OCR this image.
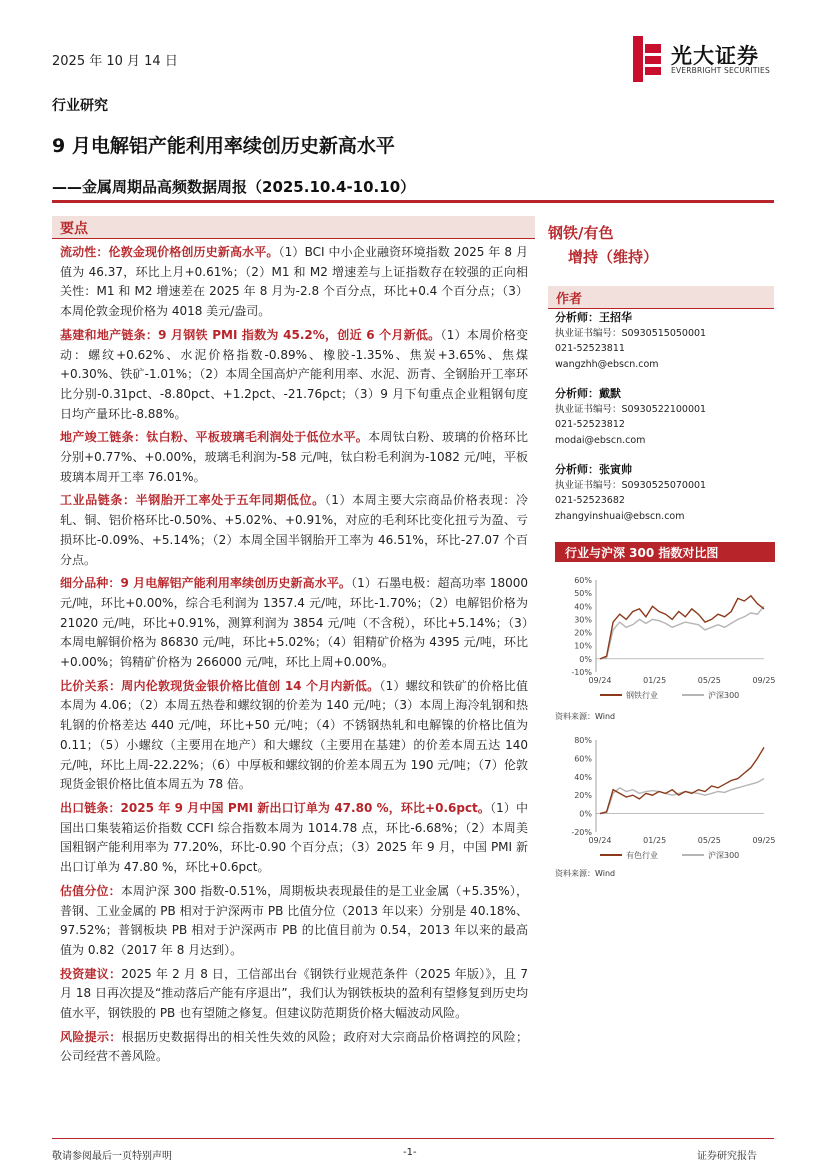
2025 年 10 月 14 日
行业研究
光大证券
EVERBRIGHT SECURITIES
9 月电解铝产能利用率续创历史新高水平
——金属周期品高频数据周报（2025.10.4-10.10）
要点

流动性：伦敦金现价格创历史新高水平。（1）BCI 中小企业融资环境指数 2025 年 8 月值为 46.37，环比上月+0.61%；（2）M1 和 M2 增速差与上证指数存在较强的正向相关性：M1 和 M2 增速差在 2025 年 8 月为-2.8 个百分点，环比+0.4 个百分点；（3）本周伦敦金现价格为 4018 美元/盎司。

基建和地产链条：9 月钢铁 PMI 指数为 45.2%，创近 6 个月新低。（1）本周价格变动：螺纹+0.62%、水泥价格指数-0.89%、橡胶-1.35%、焦炭+3.65%、焦煤+0.30%、铁矿-1.01%；（2）本周全国高炉产能利用率、水泥、沥青、全钢胎开工率环比分别-0.31pct、-8.80pct、+1.2pct、-21.76pct；（3）9 月下旬重点企业粗钢旬度日均产量环比-8.88%。

地产竣工链条：钛白粉、平板玻璃毛利润处于低位水平。本周钛白粉、玻璃的价格环比分别+0.77%、+0.00%，玻璃毛利润为-58 元/吨，钛白粉毛利润为-1082 元/吨，平板玻璃本周开工率 76.01%。

工业品链条：半钢胎开工率处于五年同期低位。（1）本周主要大宗商品价格表现：冷轧、铜、铝价格环比-0.50%、+5.02%、+0.91%，对应的毛利环比变化扭亏为盈、亏损环比-0.09%、+5.14%；（2）本周全国半钢胎开工率为 46.51%，环比-27.07 个百分点。

细分品种：9 月电解铝产能利用率续创历史新高水平。（1）石墨电极：超高功率 18000 元/吨，环比+0.00%，综合毛利润为 1357.4 元/吨，环比-1.70%；（2）电解铝价格为 21020 元/吨，环比+0.91%，测算利润为 3854 元/吨（不含税），环比+5.14%；（3）本周电解铜价格为 86830 元/吨，环比+5.02%；（4）钼精矿价格为 4395 元/吨，环比+0.00%；钨精矿价格为 266000 元/吨，环比上周+0.00%。

比价关系：周内伦敦现货金银价格比值创 14 个月内新低。（1）螺纹和铁矿的价格比值本周为 4.06；（2）本周五热卷和螺纹钢的价差为 140 元/吨；（3）本周上海冷轧钢和热轧钢的价格差达 440 元/吨，环比+50 元/吨；（4）不锈钢热轧和电解镍的价格比值为 0.11；（5）小螺纹（主要用在地产）和大螺纹（主要用在基建）的价差本周五达 140 元/吨，环比上周-22.22%；（6）中厚板和螺纹钢的价差本周五为 190 元/吨；（7）伦敦现货金银价格比值本周五为 78 倍。

出口链条：2025 年 9 月中国 PMI 新出口订单为 47.80 %，环比+0.6pct。（1）中国出口集装箱运价指数 CCFI 综合指数本周为 1014.78 点，环比-6.68%；（2）本周美国粗钢产能利用率为 77.20%，环比-0.90 个百分点；（3）2025 年 9 月，中国 PMI 新出口订单为 47.80 %，环比+0.6pct。

估值分位：本周沪深 300 指数-0.51%，周期板块表现最佳的是工业金属（+5.35%），普钢、工业金属的 PB 相对于沪深两市 PB 比值分位（2013 年以来）分别是 40.18%、97.52%；普钢板块 PB 相对于沪深两市 PB 的比值目前为 0.54，2013 年以来的最高值为 0.82（2017 年 8 月达到）。

投资建议：2025 年 2 月 8 日，工信部出台《钢铁行业规范条件（2025 年版）》，且 7 月 18 日再次提及“推动落后产能有序退出”，我们认为钢铁板块的盈利有望修复到历史均值水平，钢铁股的 PB 也有望随之修复。但建议防范期货价格大幅波动风险。

风险提示：根据历史数据得出的相关性失效的风险；政府对大宗商品价格调控的风险；公司经营不善风险。

钢铁/有色
增持（维持）
作者
分析师：王招华
执业证书编号：S0930515050001
021-52523811
wangzhh@ebscn.com
分析师：戴默
执业证书编号：S0930522100001
021-52523812
modai@ebscn.com
分析师：张寅帅
执业证书编号：S0930525070001
021-52523682
zhangyinshuai@ebscn.com
行业与沪深 300 指数对比图
60%
50%
40%
30%
20%
10%
0%
-10%
09/24	01/25	05/25	09/25
钢铁行业	沪深300
资料来源：Wind
80%
60%
40%
20%
0%
-20%
09/24	01/25	05/25	09/25
有色行业	沪深300
资料来源：Wind
敬请参阅最后一页特别声明	-1-	证券研究报告
